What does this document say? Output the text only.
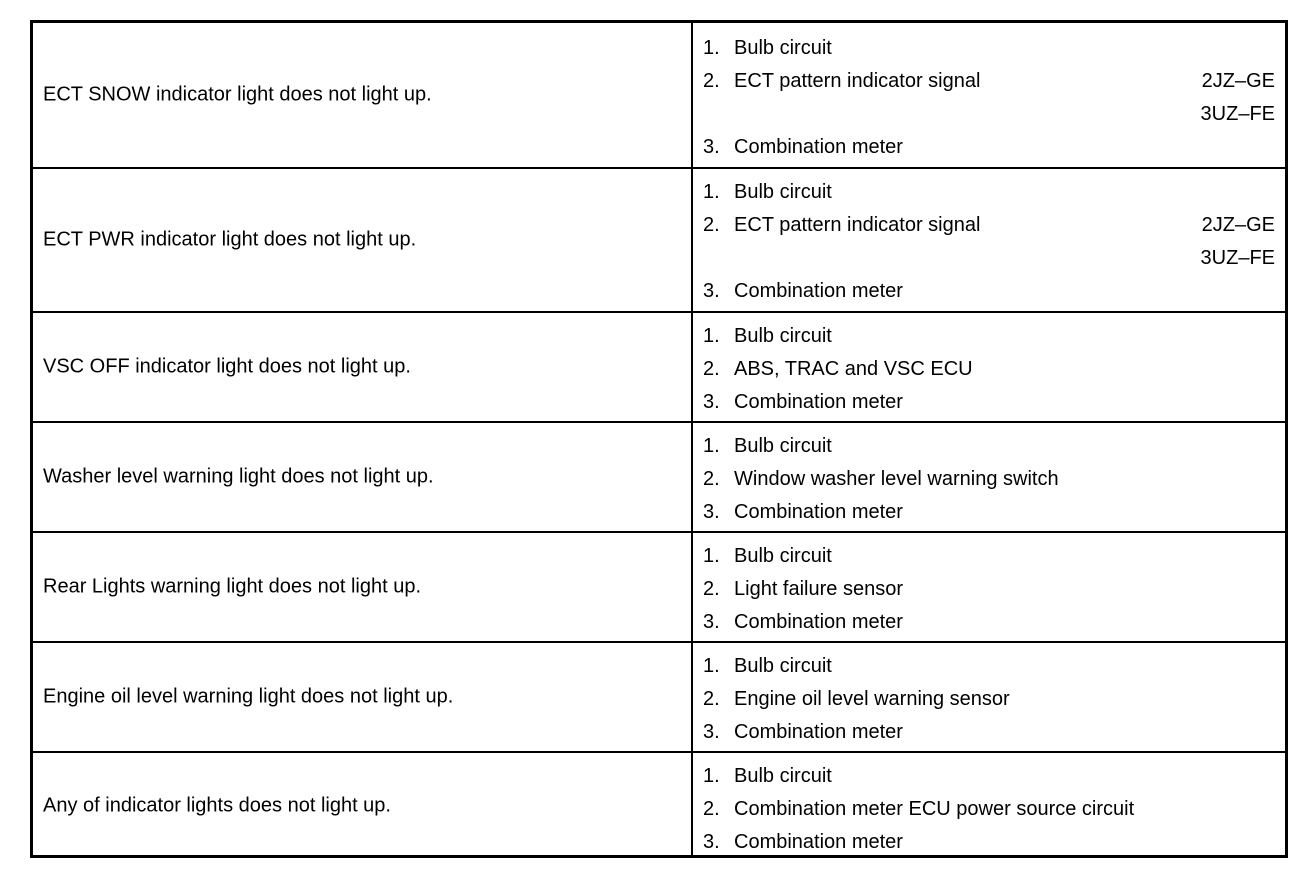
ECT SNOW indicator light does not light up.
1. Bulb circuit
2. ECT pattern indicator signal	2JZ–GE
3UZ–FE
3. Combination meter
ECT PWR indicator light does not light up.
1. Bulb circuit
2. ECT pattern indicator signal	2JZ–GE
3UZ–FE
3. Combination meter
VSC OFF indicator light does not light up.
1. Bulb circuit
2. ABS, TRAC and VSC ECU
3. Combination meter
Washer level warning light does not light up.
1. Bulb circuit
2. Window washer level warning switch
3. Combination meter
Rear Lights warning light does not light up.
1. Bulb circuit
2. Light failure sensor
3. Combination meter
Engine oil level warning light does not light up.
1. Bulb circuit
2. Engine oil level warning sensor
3. Combination meter
Any of indicator lights does not light up.
1. Bulb circuit
2. Combination meter ECU power source circuit
3. Combination meter
